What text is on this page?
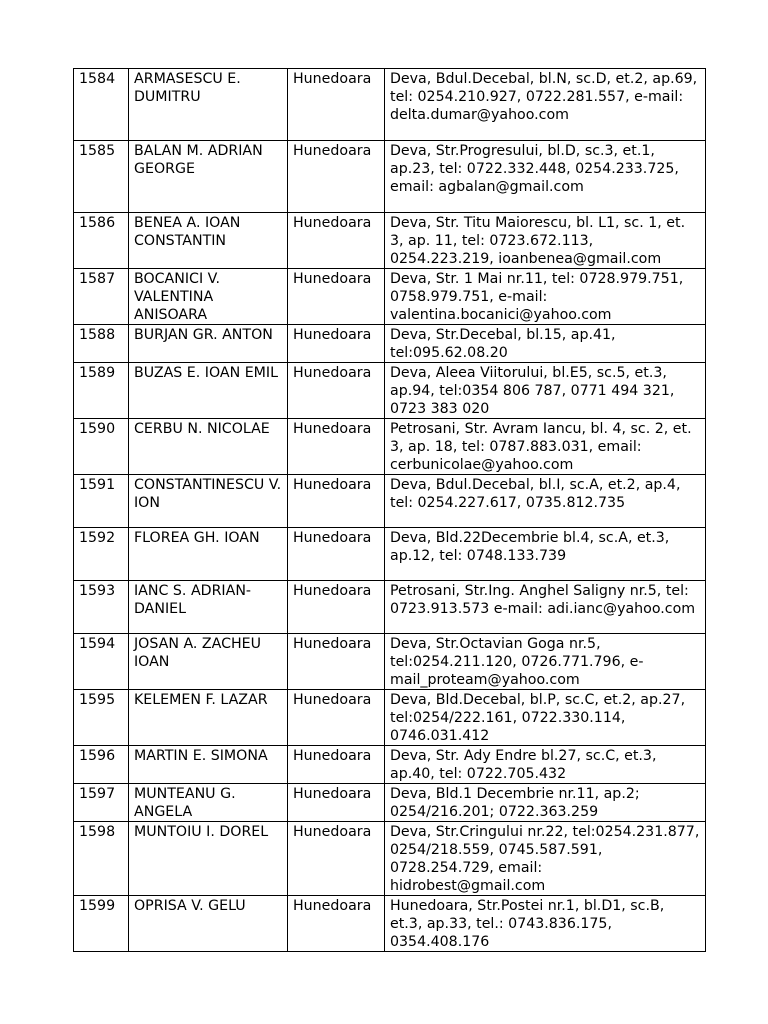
1584	ARMASESCU E. DUMITRU	Hunedoara	Deva, Bdul.Decebal, bl.N, sc.D, et.2, ap.69, tel: 0254.210.927, 0722.281.557, e-mail: delta.dumar@yahoo.com
1585	BALAN M. ADRIAN GEORGE	Hunedoara	Deva, Str.Progresului, bl.D, sc.3, et.1, ap.23, tel: 0722.332.448, 0254.233.725, email: agbalan@gmail.com
1586	BENEA A. IOAN CONSTANTIN	Hunedoara	Deva, Str. Titu Maiorescu, bl. L1, sc. 1, et. 3, ap. 11, tel: 0723.672.113, 0254.223.219, ioanbenea@gmail.com
1587	BOCANICI V. VALENTINA ANISOARA	Hunedoara	Deva, Str. 1 Mai nr.11, tel: 0728.979.751, 0758.979.751, e-mail: valentina.bocanici@yahoo.com
1588	BURJAN GR. ANTON	Hunedoara	Deva, Str.Decebal, bl.15, ap.41, tel:095.62.08.20
1589	BUZAS E. IOAN EMIL	Hunedoara	Deva, Aleea Viitorului, bl.E5, sc.5, et.3, ap.94, tel:0354 806 787, 0771 494 321, 0723 383 020
1590	CERBU N. NICOLAE	Hunedoara	Petrosani, Str. Avram Iancu, bl. 4, sc. 2, et. 3, ap. 18, tel: 0787.883.031, email: cerbunicolae@yahoo.com
1591	CONSTANTINESCU V. ION	Hunedoara	Deva, Bdul.Decebal, bl.I, sc.A, et.2, ap.4, tel: 0254.227.617, 0735.812.735
1592	FLOREA GH. IOAN	Hunedoara	Deva, Bld.22Decembrie bl.4, sc.A, et.3, ap.12, tel: 0748.133.739
1593	IANC S. ADRIAN-DANIEL	Hunedoara	Petrosani, Str.Ing. Anghel Saligny nr.5, tel: 0723.913.573 e-mail: adi.ianc@yahoo.com
1594	JOSAN A. ZACHEU IOAN	Hunedoara	Deva, Str.Octavian Goga nr.5, tel:0254.211.120, 0726.771.796, e-mail_proteam@yahoo.com
1595	KELEMEN F. LAZAR	Hunedoara	Deva, Bld.Decebal, bl.P, sc.C, et.2, ap.27, tel:0254/222.161, 0722.330.114, 0746.031.412
1596	MARTIN E. SIMONA	Hunedoara	Deva, Str. Ady Endre bl.27, sc.C, et.3, ap.40, tel: 0722.705.432
1597	MUNTEANU G. ANGELA	Hunedoara	Deva, Bld.1 Decembrie nr.11, ap.2; 0254/216.201; 0722.363.259
1598	MUNTOIU I. DOREL	Hunedoara	Deva, Str.Cringului nr.22, tel:0254.231.877, 0254/218.559, 0745.587.591, 0728.254.729, email: hidrobest@gmail.com
1599	OPRISA V. GELU	Hunedoara	Hunedoara, Str.Postei nr.1, bl.D1, sc.B, et.3, ap.33, tel.: 0743.836.175, 0354.408.176
